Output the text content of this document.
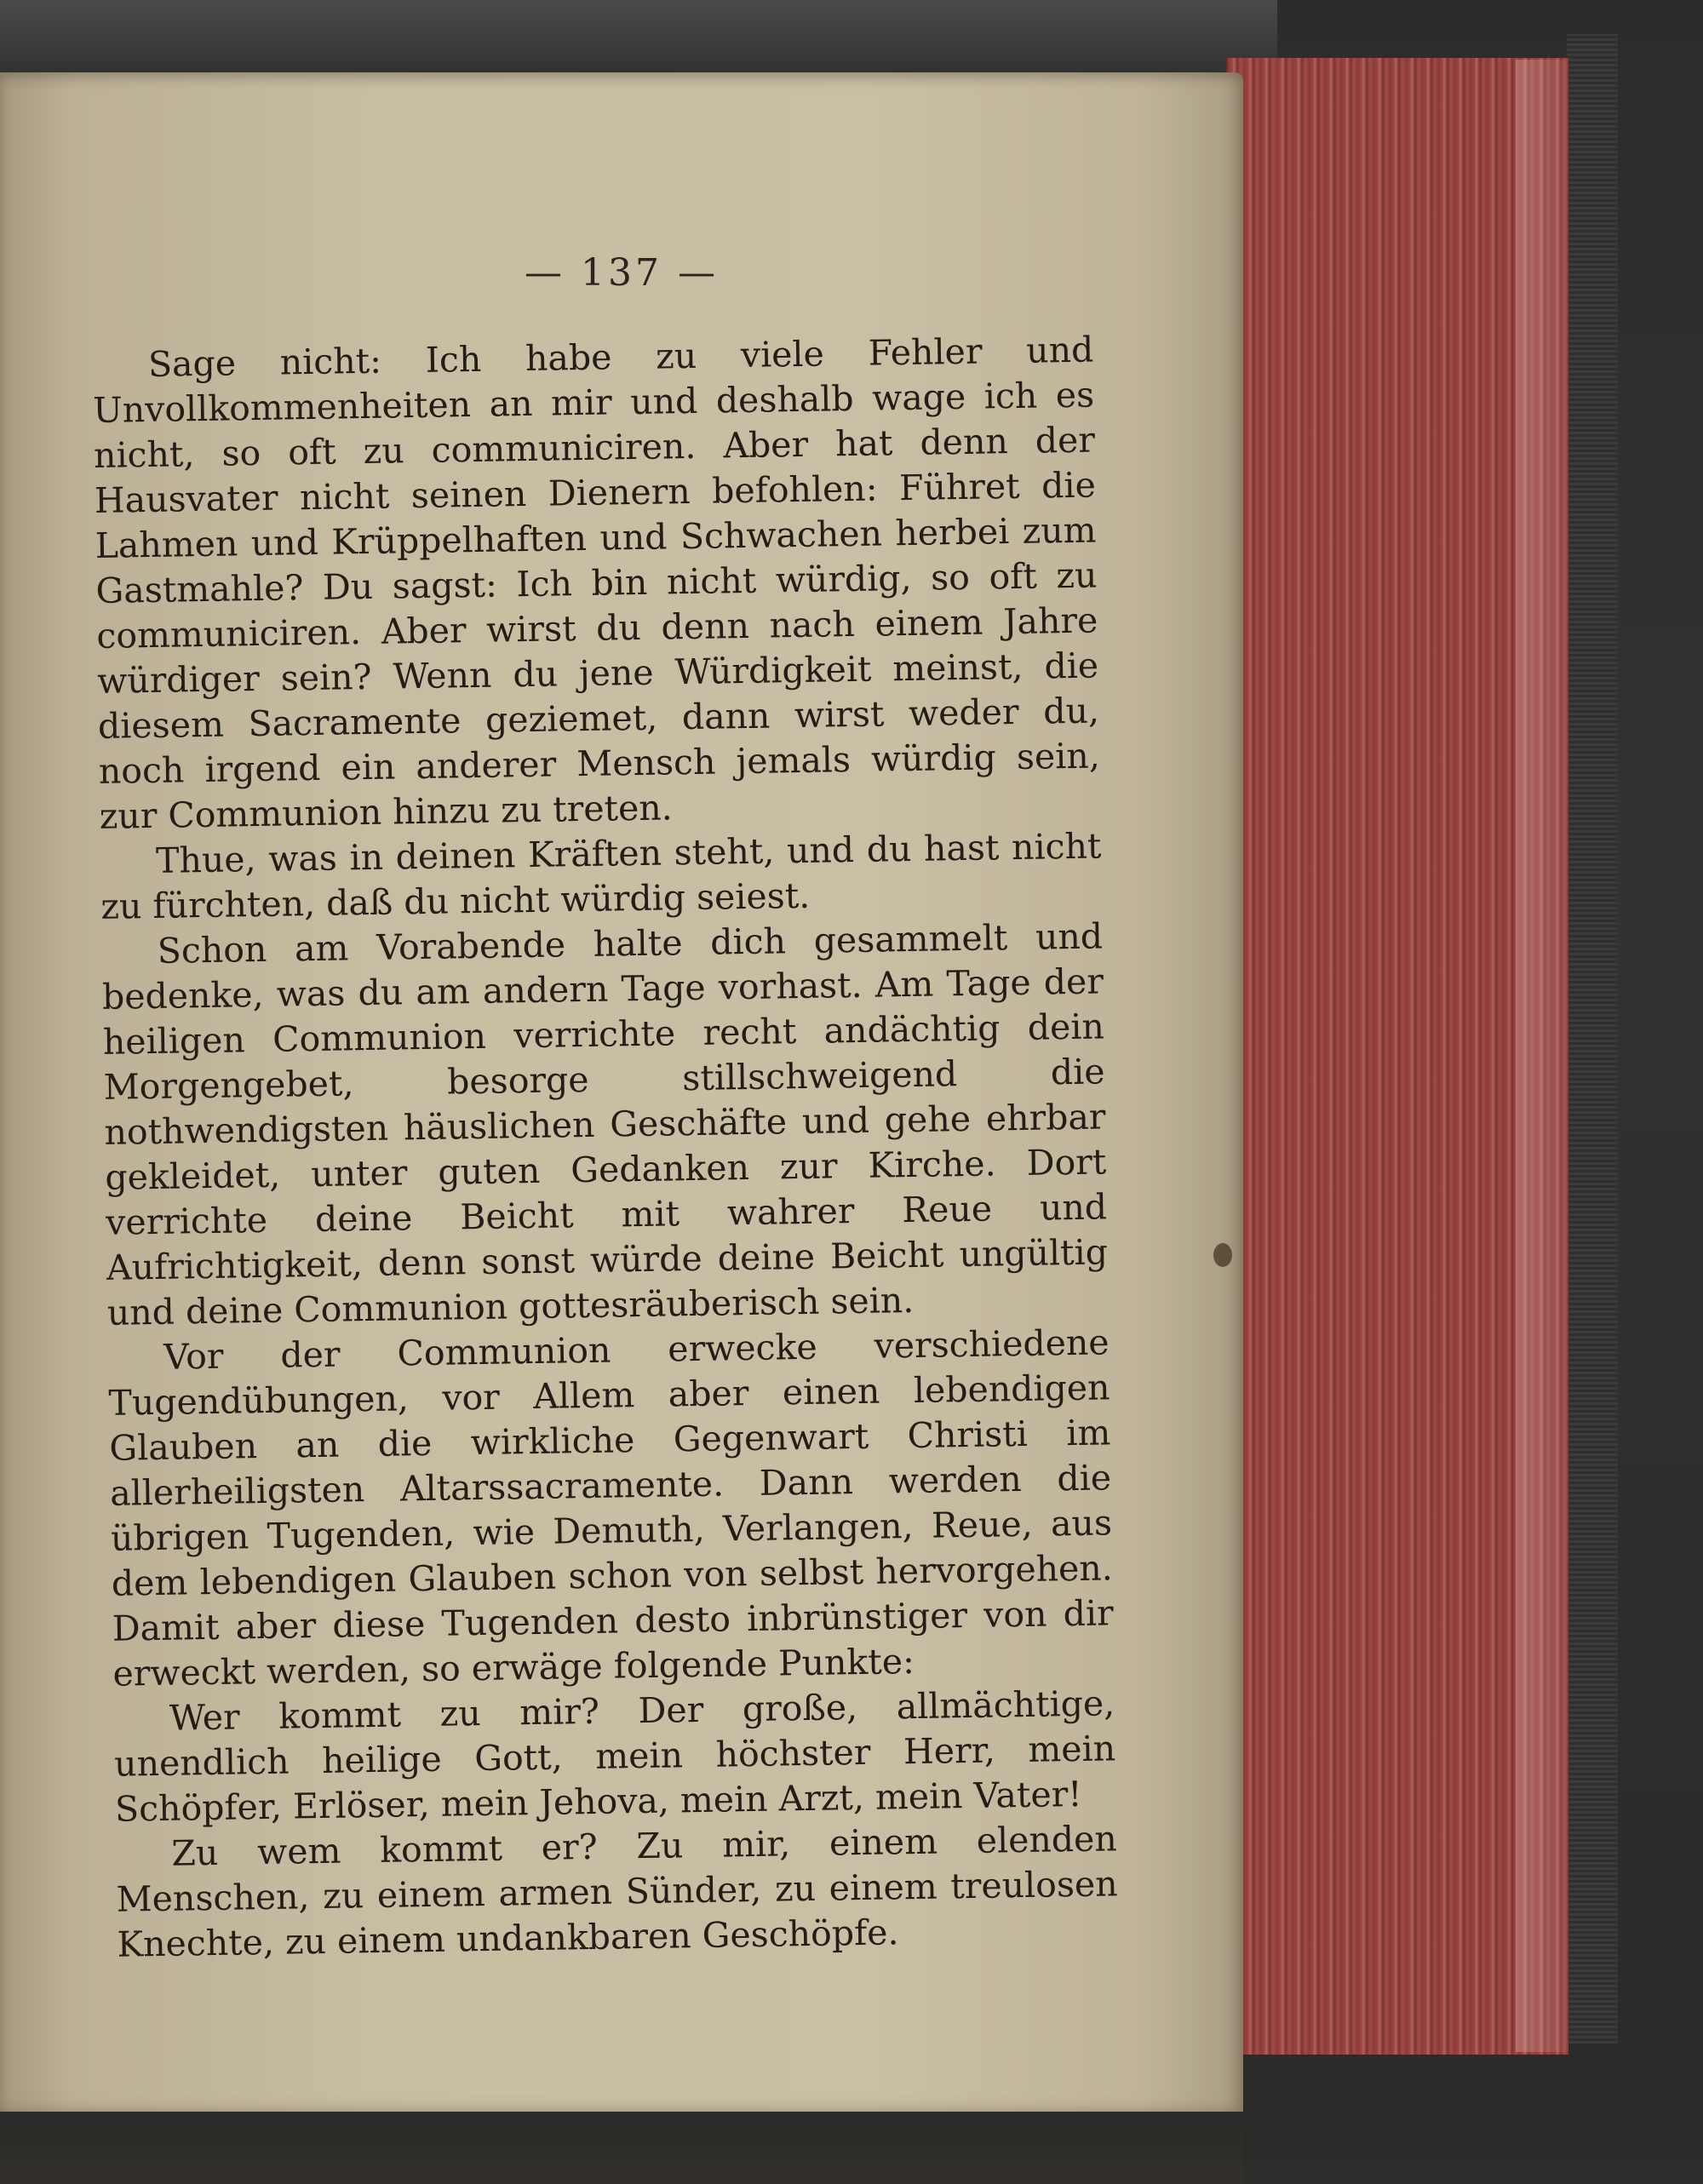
— 137 —

Sage nicht: Ich habe zu viele Fehler und Unvollkommenheiten an mir und deshalb wage ich es nicht, so oft zu communiciren. Aber hat denn der Hausvater nicht seinen Dienern befohlen: Führet die Lahmen und Krüppelhaften und Schwachen herbei zum Gastmahle? Du sagst: Ich bin nicht würdig, so oft zu communiciren. Aber wirst du denn nach einem Jahre würdiger sein? Wenn du jene Würdigkeit meinst, die diesem Sacramente geziemet, dann wirst weder du, noch irgend ein anderer Mensch jemals würdig sein, zur Communion hinzu zu treten.

Thue, was in deinen Kräften steht, und du hast nicht zu fürchten, daß du nicht würdig seiest.

Schon am Vorabende halte dich gesammelt und bedenke, was du am andern Tage vorhast. Am Tage der heiligen Communion verrichte recht andächtig dein Morgengebet, besorge stillschweigend die nothwendigsten häuslichen Geschäfte und gehe ehrbar gekleidet, unter guten Gedanken zur Kirche. Dort verrichte deine Beicht mit wahrer Reue und Aufrichtigkeit, denn sonst würde deine Beicht ungültig und deine Communion gottesräuberisch sein.

Vor der Communion erwecke verschiedene Tugendübungen, vor Allem aber einen lebendigen Glauben an die wirkliche Gegenwart Christi im allerheiligsten Altarssacramente. Dann werden die übrigen Tugenden, wie Demuth, Verlangen, Reue, aus dem lebendigen Glauben schon von selbst hervorgehen. Damit aber diese Tugenden desto inbrünstiger von dir erweckt werden, so erwäge folgende Punkte:

Wer kommt zu mir? Der große, allmächtige, unendlich heilige Gott, mein höchster Herr, mein Schöpfer, Erlöser, mein Jehova, mein Arzt, mein Vater!

Zu wem kommt er? Zu mir, einem elenden Menschen, zu einem armen Sünder, zu einem treulosen Knechte, zu einem undankbaren Geschöpfe.
